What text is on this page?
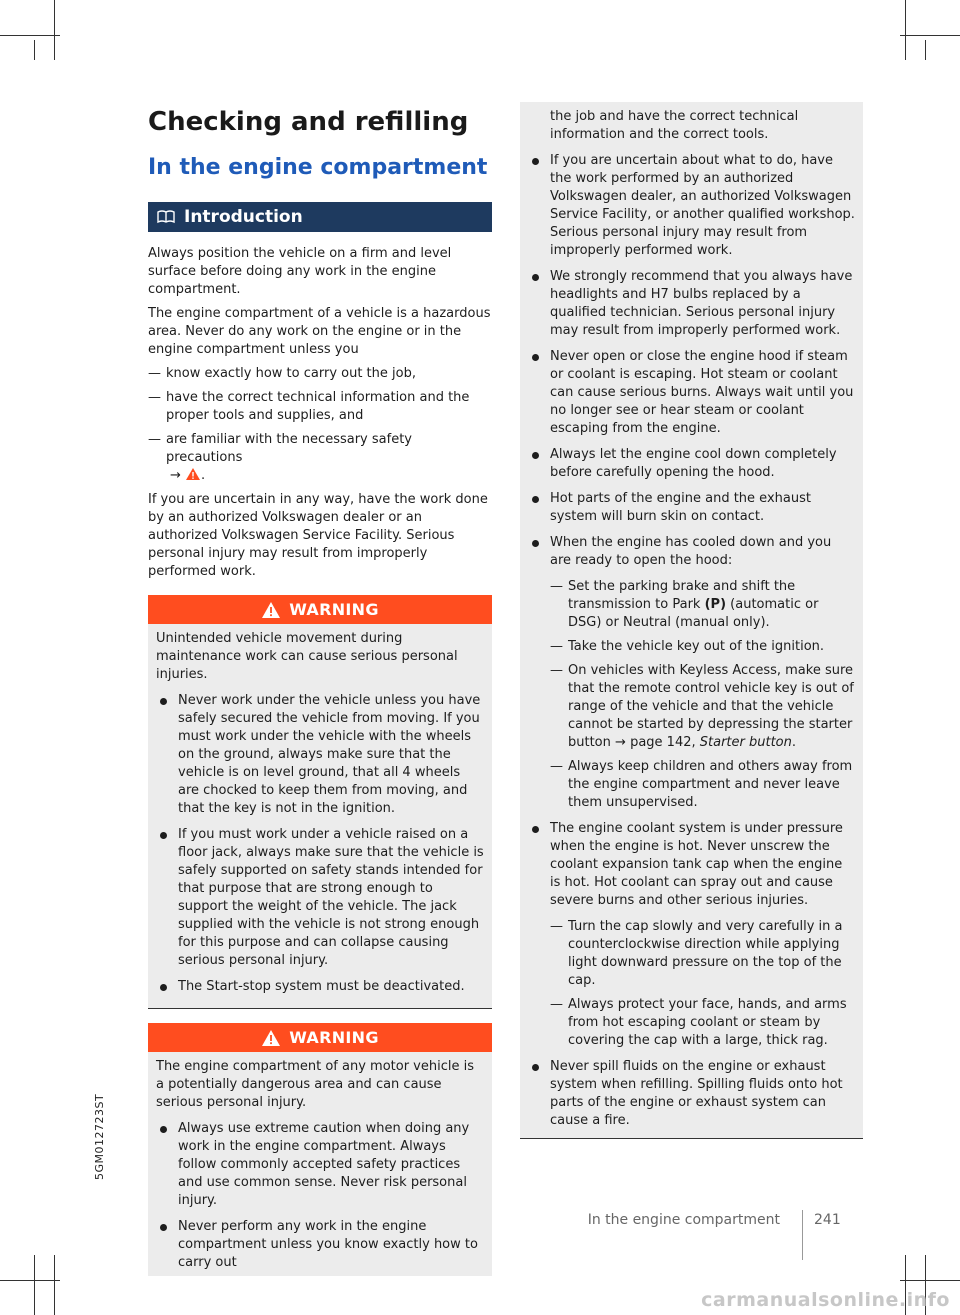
5GM012723ST
Checking and refilling
In the engine compartment
Introduction

Always position the vehicle on a firm and level surface before doing any work in the engine compartment.

The engine compartment of a vehicle is a hazardous area. Never do any work on the engine or in the engine compartment unless you

— know exactly how to carry out the job,
— have the correct technical information and the proper tools and supplies, and
— are familiar with the necessary safety precautions
→ .

If you are uncertain in any way, have the work done by an authorized Volkswagen dealer or an authorized Volkswagen Service Facility. Serious personal injury may result from improperly performed work.

WARNING

Unintended vehicle movement during maintenance work can cause serious personal injuries.

Never work under the vehicle unless you have safely secured the vehicle from moving. If you must work under the vehicle with the wheels on the ground, always make sure that the vehicle is on level ground, that all 4 wheels are chocked to keep them from moving, and that the key is not in the ignition.
If you must work under a vehicle raised on a floor jack, always make sure that the vehicle is safely supported on safety stands intended for that purpose that are strong enough to support the weight of the vehicle. The jack supplied with the vehicle is not strong enough for this purpose and can collapse causing serious personal injury.
The Start-stop system must be deactivated.
WARNING

The engine compartment of any motor vehicle is a potentially dangerous area and can cause serious personal injury.

Always use extreme caution when doing any work in the engine compartment. Always follow commonly accepted safety practices and use common sense. Never risk personal injury.
Never perform any work in the engine compartment unless you know exactly how to carry out

the job and have the correct technical information and the correct tools.

If you are uncertain about what to do, have the work performed by an authorized Volkswagen dealer, an authorized Volkswagen Service Facility, or another qualified workshop. Serious personal injury may result from improperly performed work.
We strongly recommend that you always have headlights and H7 bulbs replaced by a qualified technician. Serious personal injury may result from improperly performed work.
Never open or close the engine hood if steam or coolant is escaping. Hot steam or coolant can cause serious burns. Always wait until you no longer see or hear steam or coolant escaping from the engine.
Always let the engine cool down completely before carefully opening the hood.
Hot parts of the engine and the exhaust system will burn skin on contact.
When the engine has cooled down and you are ready to open the hood:
— Set the parking brake and shift the transmission to Park (P) (automatic or DSG) or Neutral (manual only).
— Take the vehicle key out of the ignition.
— On vehicles with Keyless Access, make sure that the remote control vehicle key is out of range of the vehicle and that the vehicle cannot be started by depressing the starter button → page 142, Starter button.
— Always keep children and others away from the engine compartment and never leave them unsupervised.
The engine coolant system is under pressure when the engine is hot. Never unscrew the coolant expansion tank cap when the engine is hot. Hot coolant can spray out and cause severe burns and other serious injuries.
— Turn the cap slowly and very carefully in a counterclockwise direction while applying light downward pressure on the top of the cap.
— Always protect your face, hands, and arms from hot escaping coolant or steam by covering the cap with a large, thick rag.
Never spill fluids on the engine or exhaust system when refilling. Spilling fluids onto hot parts of the engine or exhaust system can cause a fire.
In the engine compartment 241
carmanualsonline.info
